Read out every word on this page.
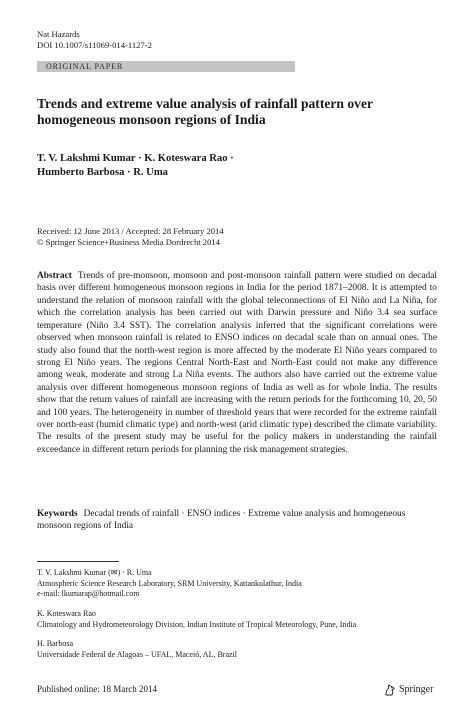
Nat Hazards
DOI 10.1007/s11069-014-1127-2
ORIGINAL PAPER
Trends and extreme value analysis of rainfall pattern over homogeneous monsoon regions of India
T. V. Lakshmi Kumar · K. Koteswara Rao ·
Humberto Barbosa · R. Uma
Received: 12 June 2013 / Accepted: 28 February 2014
© Springer Science+Business Media Dordrecht 2014
Abstract Trends of pre-monsoon, monsoon and post-monsoon rainfall pattern were studied on decadal basis over different homogeneous monsoon regions in India for the period 1871–2008. It is attempted to understand the relation of monsoon rainfall with the global teleconnections of El Niño and La Niña, for which the correlation analysis has been carried out with Darwin pressure and Niño 3.4 sea surface temperature (Niño 3.4 SST). The correlation analysis inferred that the significant correlations were observed when monsoon rainfall is related to ENSO indices on decadal scale than on annual ones. The study also found that the north-west region is more affected by the moderate El Niño years compared to strong El Niño years. The regions Central North-East and North-East could not make any difference among weak, moderate and strong La Niña events. The authors also have carried out the extreme value analysis over different homogeneous monsoon regions of India as well as for whole India. The results show that the return values of rainfall are increasing with the return periods for the forthcoming 10, 20, 50 and 100 years. The heterogeneity in number of threshold years that were recorded for the extreme rainfall over north-east (humid climatic type) and north-west (arid climatic type) described the climate variability. The results of the present study may be useful for the policy makers in understanding the rainfall exceedance in different return periods for planning the risk management strategies.
Keywords Decadal trends of rainfall · ENSO indices · Extreme value analysis and homogeneous monsoon regions of India
T. V. Lakshmi Kumar (✉) · R. Uma
Atmospheric Science Research Laboratory, SRM University, Kattankulathur, India
e-mail: lkumarap@hotmail.com
K. Koteswara Rao
Climatology and Hydrometeorology Division, Indian Institute of Tropical Meteorology, Pune, India
H. Barbosa
Universidade Federal de Alagoas – UFAL, Maceió, AL, Brazil
Published online: 18 March 2014	Springer
